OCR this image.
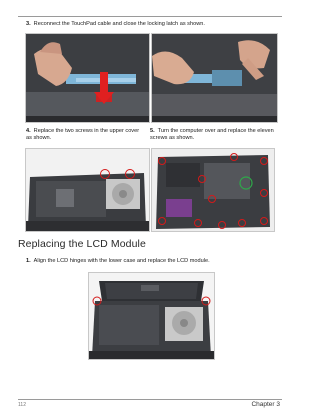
3. Reconnect the TouchPad cable and close the locking latch as shown.
4. Replace the two screws in the upper cover as shown.
5. Turn the computer over and replace the eleven screws as shown.
Replacing the LCD Module
1. Align the LCD hinges with the lower case and replace the LCD module.
112	Chapter 3
